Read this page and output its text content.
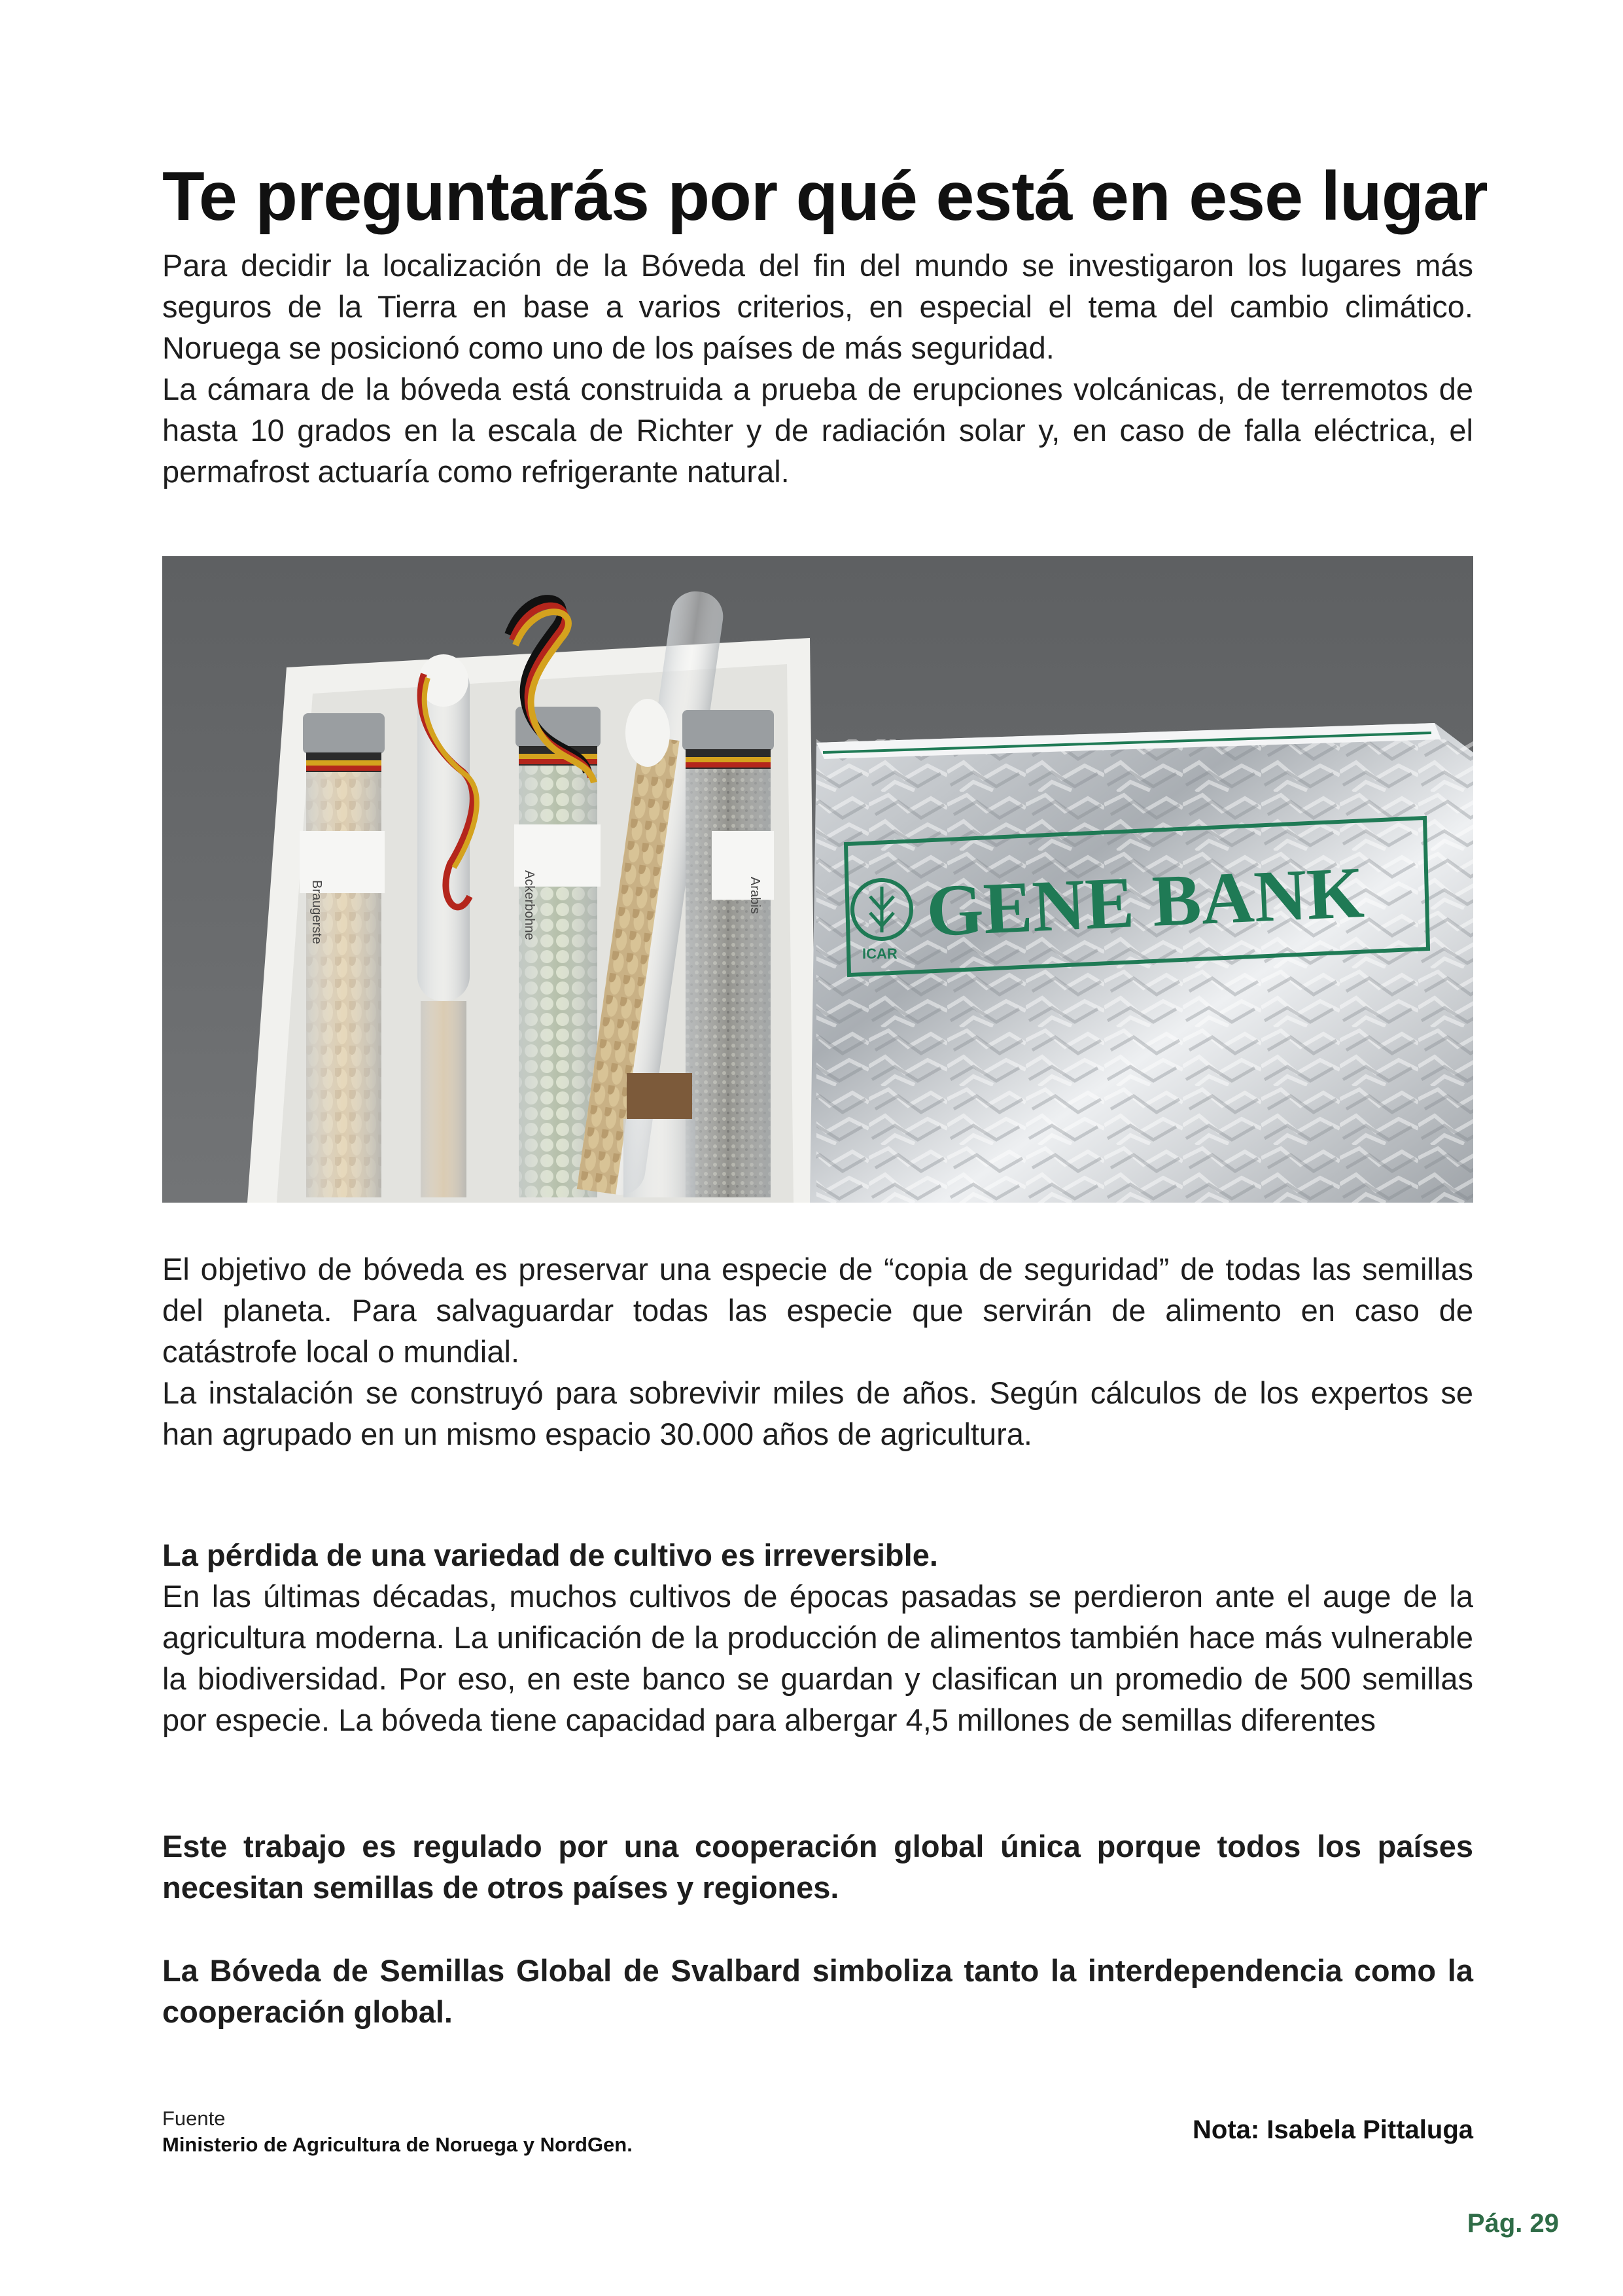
Te preguntarás por qué está en ese lugar

Para decidir la localización de la Bóveda del fin del mundo se investigaron los lugares más seguros de la Tierra en base a varios criterios, en especial el tema del cambio climático. Noruega se posicionó como uno de los países de más seguridad.

La cámara de la bóveda está construida a prueba de erupciones volcánicas, de terremotos de hasta 10 grados en la escala de Richter y de radiación solar y, en caso de falla eléctrica, el permafrost actuaría como refrigerante natural.

GENE BANK
ICAR
Braugerste	Ackerbohne	Arabis

El objetivo de bóveda es preservar una especie de “copia de seguridad” de todas las semillas del planeta. Para salvaguardar todas las especie que servirán de alimento en caso de catástrofe local o mundial.

La instalación se construyó para sobrevivir miles de años. Según cálculos de los expertos se han agrupado en un mismo espacio 30.000 años de agricultura.

La pérdida de una variedad de cultivo es irreversible.

En las últimas décadas, muchos cultivos de épocas pasadas se perdieron ante el auge de la agricultura moderna. La unificación de la producción de alimentos también hace más vulnerable la biodiversidad. Por eso, en este banco se guardan y clasifican un promedio de 500 semillas por especie. La bóveda tiene capacidad para albergar 4,5 millones de semillas diferentes

Este trabajo es regulado por una cooperación global única porque todos los países necesitan semillas de otros países y regiones.

La Bóveda de Semillas Global de Svalbard simboliza tanto la interdependencia como la cooperación global.

Fuente
Ministerio de Agricultura de Noruega y NordGen.
Nota: Isabela Pittaluga
Pág. 29
